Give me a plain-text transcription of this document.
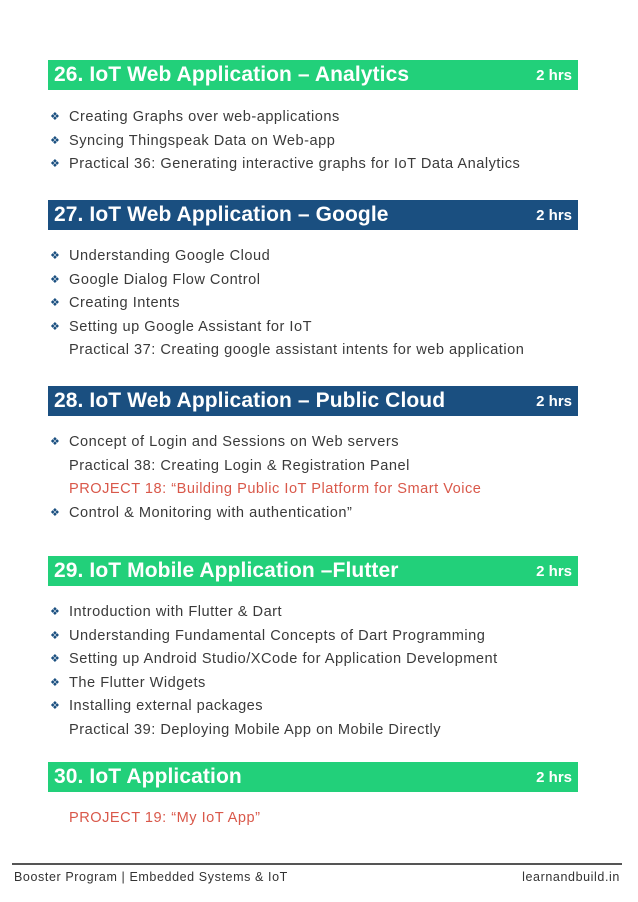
26. IoT Web Application – Analytics	2 hrs
❖ Creating Graphs over web-applications
❖ Syncing Thingspeak Data on Web-app
❖ Practical 36: Generating interactive graphs for IoT Data Analytics
27. IoT Web Application – Google	2 hrs
❖ Understanding Google Cloud
❖ Google Dialog Flow Control
❖ Creating Intents
❖ Setting up Google Assistant for IoT
Practical 37: Creating google assistant intents for web application
28. IoT Web Application – Public Cloud	2 hrs
❖ Concept of Login and Sessions on Web servers
Practical 38: Creating Login & Registration Panel
PROJECT 18: “Building Public IoT Platform for Smart Voice
❖ Control & Monitoring with authentication”
29. IoT Mobile Application –Flutter	2 hrs
❖ Introduction with Flutter & Dart
❖ Understanding Fundamental Concepts of Dart Programming
❖ Setting up Android Studio/XCode for Application Development
❖ The Flutter Widgets
❖ Installing external packages
Practical 39: Deploying Mobile App on Mobile Directly
30. IoT Application	2 hrs
PROJECT 19: “My IoT App”
Booster Program | Embedded Systems & IoT	learnandbuild.in
